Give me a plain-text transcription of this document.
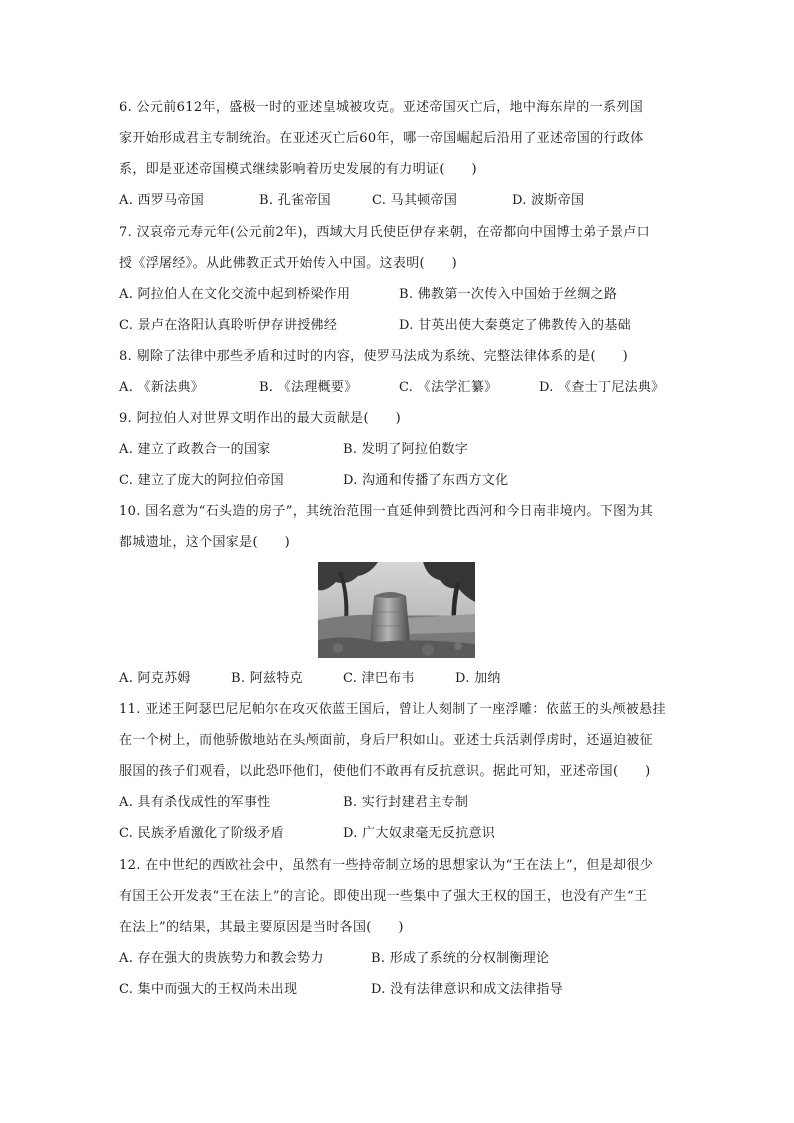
6. 公元前612年，盛极一时的亚述皇城被攻克。亚述帝国灭亡后，地中海东岸的一系列国
家开始形成君主专制统治。在亚述灭亡后60年，哪一帝国崛起后沿用了亚述帝国的行政体
系，即是亚述帝国模式继续影响着历史发展的有力明证(　　)
A. 西罗马帝国	B. 孔雀帝国	C. 马其顿帝国	D. 波斯帝国
7. 汉哀帝元寿元年(公元前2年)，西域大月氏使臣伊存来朝，在帝都向中国博士弟子景卢口
授《浮屠经》。从此佛教正式开始传入中国。这表明(　　)
A. 阿拉伯人在文化交流中起到桥梁作用	B. 佛教第一次传入中国始于丝绸之路
C. 景卢在洛阳认真聆听伊存讲授佛经	D. 甘英出使大秦奠定了佛教传入的基础
8. 剔除了法律中那些矛盾和过时的内容，使罗马法成为系统、完整法律体系的是(　　)
A. 《新法典》	B. 《法理概要》	C. 《法学汇纂》	D. 《查士丁尼法典》
9. 阿拉伯人对世界文明作出的最大贡献是(　　)
A. 建立了政教合一的国家	B. 发明了阿拉伯数字
C. 建立了庞大的阿拉伯帝国	D. 沟通和传播了东西方文化
10. 国名意为“石头造的房子”，其统治范围一直延伸到赞比西河和今日南非境内。下图为其
都城遗址，这个国家是(　　)
A. 阿克苏姆	B. 阿兹特克	C. 津巴布韦	D. 加纳
11. 亚述王阿瑟巴尼尼帕尔在攻灭依蓝王国后，曾让人刻制了一座浮雕：依蓝王的头颅被悬挂
在一个树上，而他骄傲地站在头颅面前，身后尸积如山。亚述士兵活剥俘虏时，还逼迫被征
服国的孩子们观看，以此恐吓他们，使他们不敢再有反抗意识。据此可知，亚述帝国(　　)
A. 具有杀伐成性的军事性	B. 实行封建君主专制
C. 民族矛盾激化了阶级矛盾	D. 广大奴隶毫无反抗意识
12. 在中世纪的西欧社会中，虽然有一些持帝制立场的思想家认为“王在法上”，但是却很少
有国王公开发表“王在法上”的言论。即使出现一些集中了强大王权的国王，也没有产生“王
在法上”的结果，其最主要原因是当时各国(　　)
A. 存在强大的贵族势力和教会势力	B. 形成了系统的分权制衡理论
C. 集中而强大的王权尚未出现	D. 没有法律意识和成文法律指导
